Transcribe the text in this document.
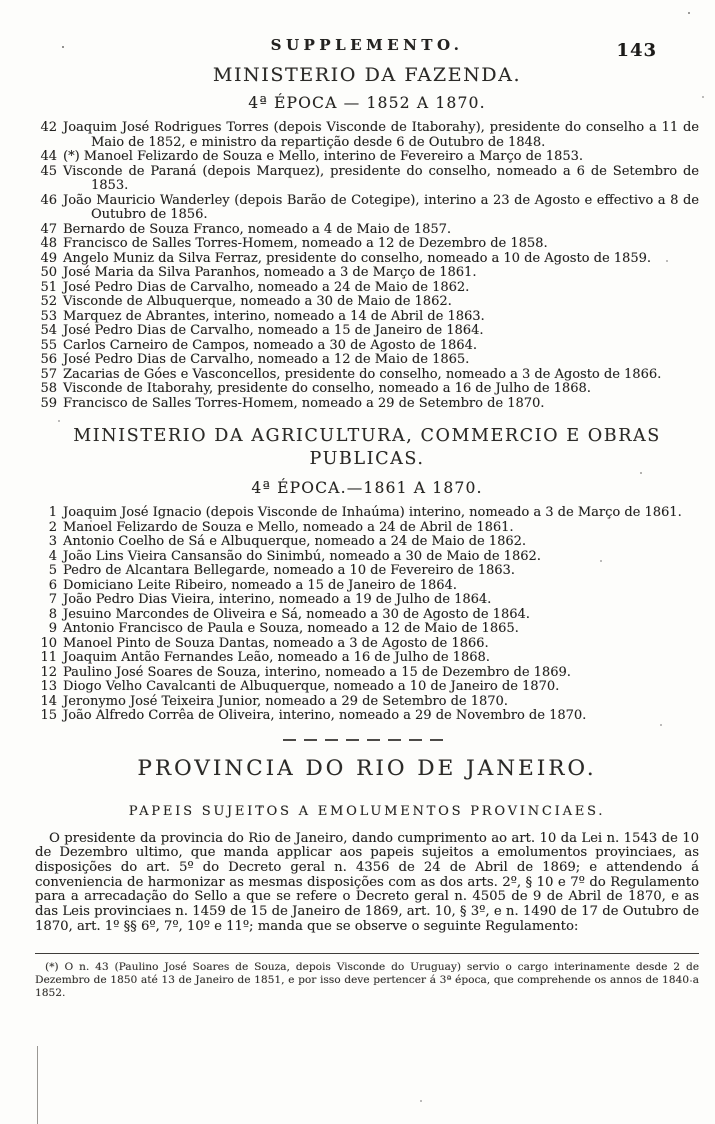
SUPPLEMENTO.	143
MINISTERIO DA FAZENDA.
4ª ÉPOCA — 1852 A 1870.
42 Joaquim José Rodrigues Torres (depois Visconde de Itaborahy), presidente do conselho a 11 de Maio de 1852, e ministro da repartição desde 6 de Outubro de 1848.
44 (*) Manoel Felizardo de Souza e Mello, interino de Fevereiro a Março de 1853.
45 Visconde de Paraná (depois Marquez), presidente do conselho, nomeado a 6 de Setembro de 1853.
46 João Mauricio Wanderley (depois Barão de Cotegipe), interino a 23 de Agosto e effectivo a 8 de Outubro de 1856.
47 Bernardo de Souza Franco, nomeado a 4 de Maio de 1857.
48 Francisco de Salles Torres-Homem, nomeado a 12 de Dezembro de 1858.
49 Angelo Muniz da Silva Ferraz, presidente do conselho, nomeado a 10 de Agosto de 1859.
50 José Maria da Silva Paranhos, nomeado a 3 de Março de 1861.
51 José Pedro Dias de Carvalho, nomeado a 24 de Maio de 1862.
52 Visconde de Albuquerque, nomeado a 30 de Maio de 1862.
53 Marquez de Abrantes, interino, nomeado a 14 de Abril de 1863.
54 José Pedro Dias de Carvalho, nomeado a 15 de Janeiro de 1864.
55 Carlos Carneiro de Campos, nomeado a 30 de Agosto de 1864.
56 José Pedro Dias de Carvalho, nomeado a 12 de Maio de 1865.
57 Zacarias de Góes e Vasconcellos, presidente do conselho, nomeado a 3 de Agosto de 1866.
58 Visconde de Itaborahy, presidente do conselho, nomeado a 16 de Julho de 1868.
59 Francisco de Salles Torres-Homem, nomeado a 29 de Setembro de 1870.
MINISTERIO DA AGRICULTURA, COMMERCIO E OBRAS PUBLICAS.
4ª ÉPOCA.—1861 A 1870.
1 Joaquim José Ignacio (depois Visconde de Inhaúma) interino, nomeado a 3 de Março de 1861.
2 Manoel Felizardo de Souza e Mello, nomeado a 24 de Abril de 1861.
3 Antonio Coelho de Sá e Albuquerque, nomeado a 24 de Maio de 1862.
4 João Lins Vieira Cansansão do Sinimbú, nomeado a 30 de Maio de 1862.
5 Pedro de Alcantara Bellegarde, nomeado a 10 de Fevereiro de 1863.
6 Domiciano Leite Ribeiro, nomeado a 15 de Janeiro de 1864.
7 João Pedro Dias Vieira, interino, nomeado a 19 de Julho de 1864.
8 Jesuino Marcondes de Oliveira e Sá, nomeado a 30 de Agosto de 1864.
9 Antonio Francisco de Paula e Souza, nomeado a 12 de Maio de 1865.
10 Manoel Pinto de Souza Dantas, nomeado a 3 de Agosto de 1866.
11 Joaquim Antão Fernandes Leão, nomeado a 16 de Julho de 1868.
12 Paulino José Soares de Souza, interino, nomeado a 15 de Dezembro de 1869.
13 Diogo Velho Cavalcanti de Albuquerque, nomeado a 10 de Janeiro de 1870.
14 Jeronymo José Teixeira Junior, nomeado a 29 de Setembro de 1870.
15 João Alfredo Corrêa de Oliveira, interino, nomeado a 29 de Novembro de 1870.
PROVINCIA DO RIO DE JANEIRO.
PAPEIS SUJEITOS A EMOLUMENTOS PROVINCIAES.

O presidente da provincia do Rio de Janeiro, dando cumprimento ao art. 10 da Lei n. 1543 de 10 de Dezembro ultimo, que manda applicar aos papeis sujeitos a emolumentos provinciaes, as disposições do art. 5º do Decreto geral n. 4356 de 24 de Abril de 1869; e attendendo á conveniencia de harmonizar as mesmas disposições com as dos arts. 2º, § 10 e 7º do Regulamento para a arrecadação do Sello a que se refere o Decreto geral n. 4505 de 9 de Abril de 1870, e as das Leis provinciaes n. 1459 de 15 de Janeiro de 1869, art. 10, § 3º, e n. 1490 de 17 de Outubro de 1870, art. 1º §§ 6º, 7º, 10º e 11º; manda que se observe o seguinte Regulamento:

(*) O n. 43 (Paulino José Soares de Souza, depois Visconde do Uruguay) servio o cargo interinamente desde 2 de Dezembro de 1850 até 13 de Janeiro de 1851, e por isso deve pertencer á 3ª época, que comprehende os annos de 1840 a 1852.
